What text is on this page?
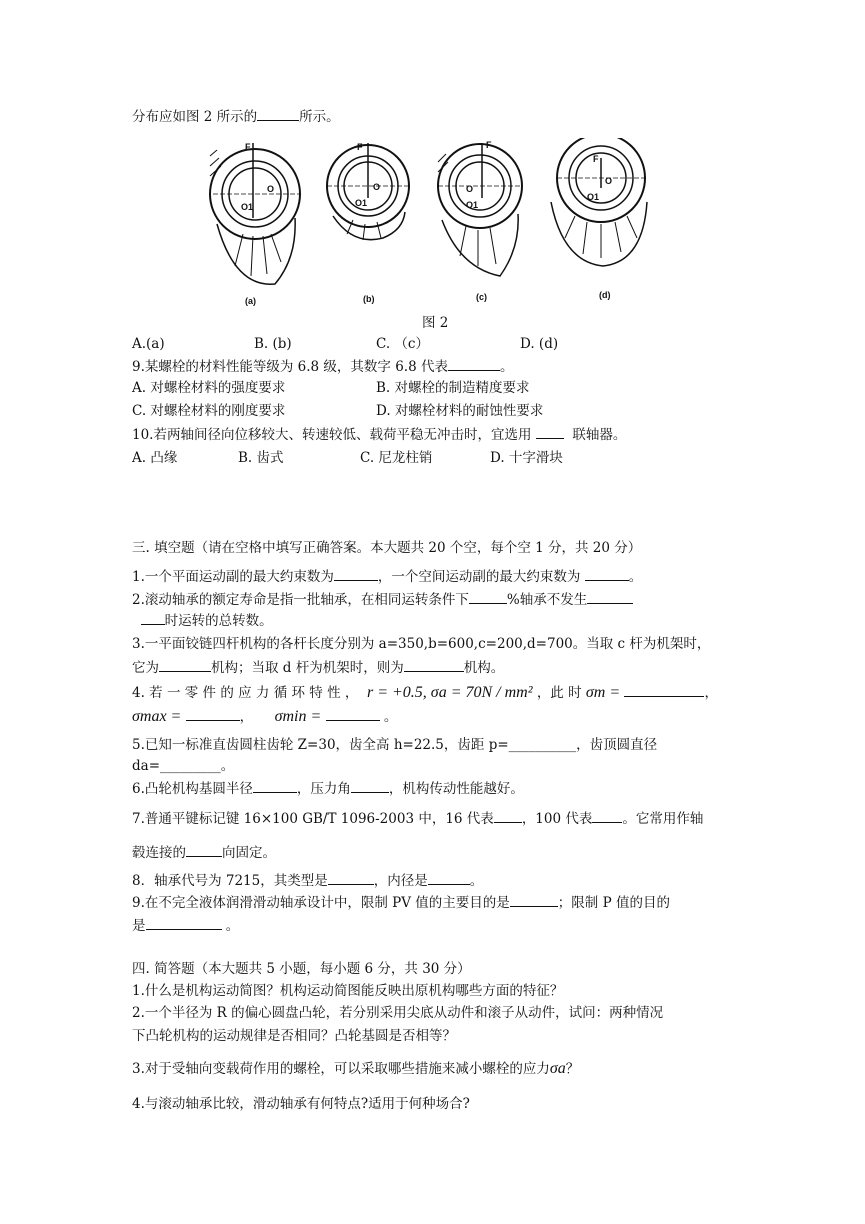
分布应如图 2 所示的	所示。
F
O
O1
(a)
F
O
O1
(b)
F
O
O1
(c)
F
O
O1
(d)
图 2
A.(a)	B. (b)	C. （c）	D. (d)
9.某螺栓的材料性能等级为 6.8 级，其数字 6.8 代表	。
A. 对螺栓材料的强度要求	B. 对螺栓的制造精度要求
C. 对螺栓材料的刚度要求	D. 对螺栓材料的耐蚀性要求
10.若两轴间径向位移较大、转速较低、载荷平稳无冲击时，宜选用	联轴器。
A. 凸缘	B. 齿式	C. 尼龙柱销	D. 十字滑块
三. 填空题（请在空格中填写正确答案。本大题共 20 个空，每个空 1 分，共 20 分）
1.一个平面运动副的最大约束数为	，一个空间运动副的最大约束数为	。
2.滚动轴承的额定寿命是指一批轴承，在相同运转条件下	%轴承不发生
时运转的总转数。
3.一平面铰链四杆机构的各杆长度分别为 a=350,b=600,c=200,d=700。当取 c 杆为机架时，
它为	机构；当取 d 杆为机架时，则为	机构。
4. 若 一 零 件 的 应 力 循 环 特 性 ， r = +0.5, σa = 70N / mm² ，此 时 σm =	，
σmax =	，     σmin =	。
5.已知一标准直齿圆柱齿轮 Z=30，齿全高 h=22.5，齿距 p=__________，齿顶圆直径
da=_________。
6.凸轮机构基圆半径	，压力角	，机构传动性能越好。
7.普通平键标记键 16×100 GB/T 1096-2003 中，16 代表 ，100 代表 。它常用作轴
毂连接的	向固定。
8．轴承代号为 7215，其类型是	，内径是	。
9.在不完全液体润滑滑动轴承设计中，限制 PV 值的主要目的是	；限制 P 值的目的
是	。
四. 简答题（本大题共 5 小题，每小题 6 分，共 30 分）
1.什么是机构运动简图？机构运动简图能反映出原机构哪些方面的特征？
2.一个半径为 R 的偏心圆盘凸轮，若分别采用尖底从动件和滚子从动件，试问：两种情况
下凸轮机构的运动规律是否相同？凸轮基圆是否相等？
3.对于受轴向变载荷作用的螺栓，可以采取哪些措施来减小螺栓的应力σa？
4.与滚动轴承比较，滑动轴承有何特点?适用于何种场合?
